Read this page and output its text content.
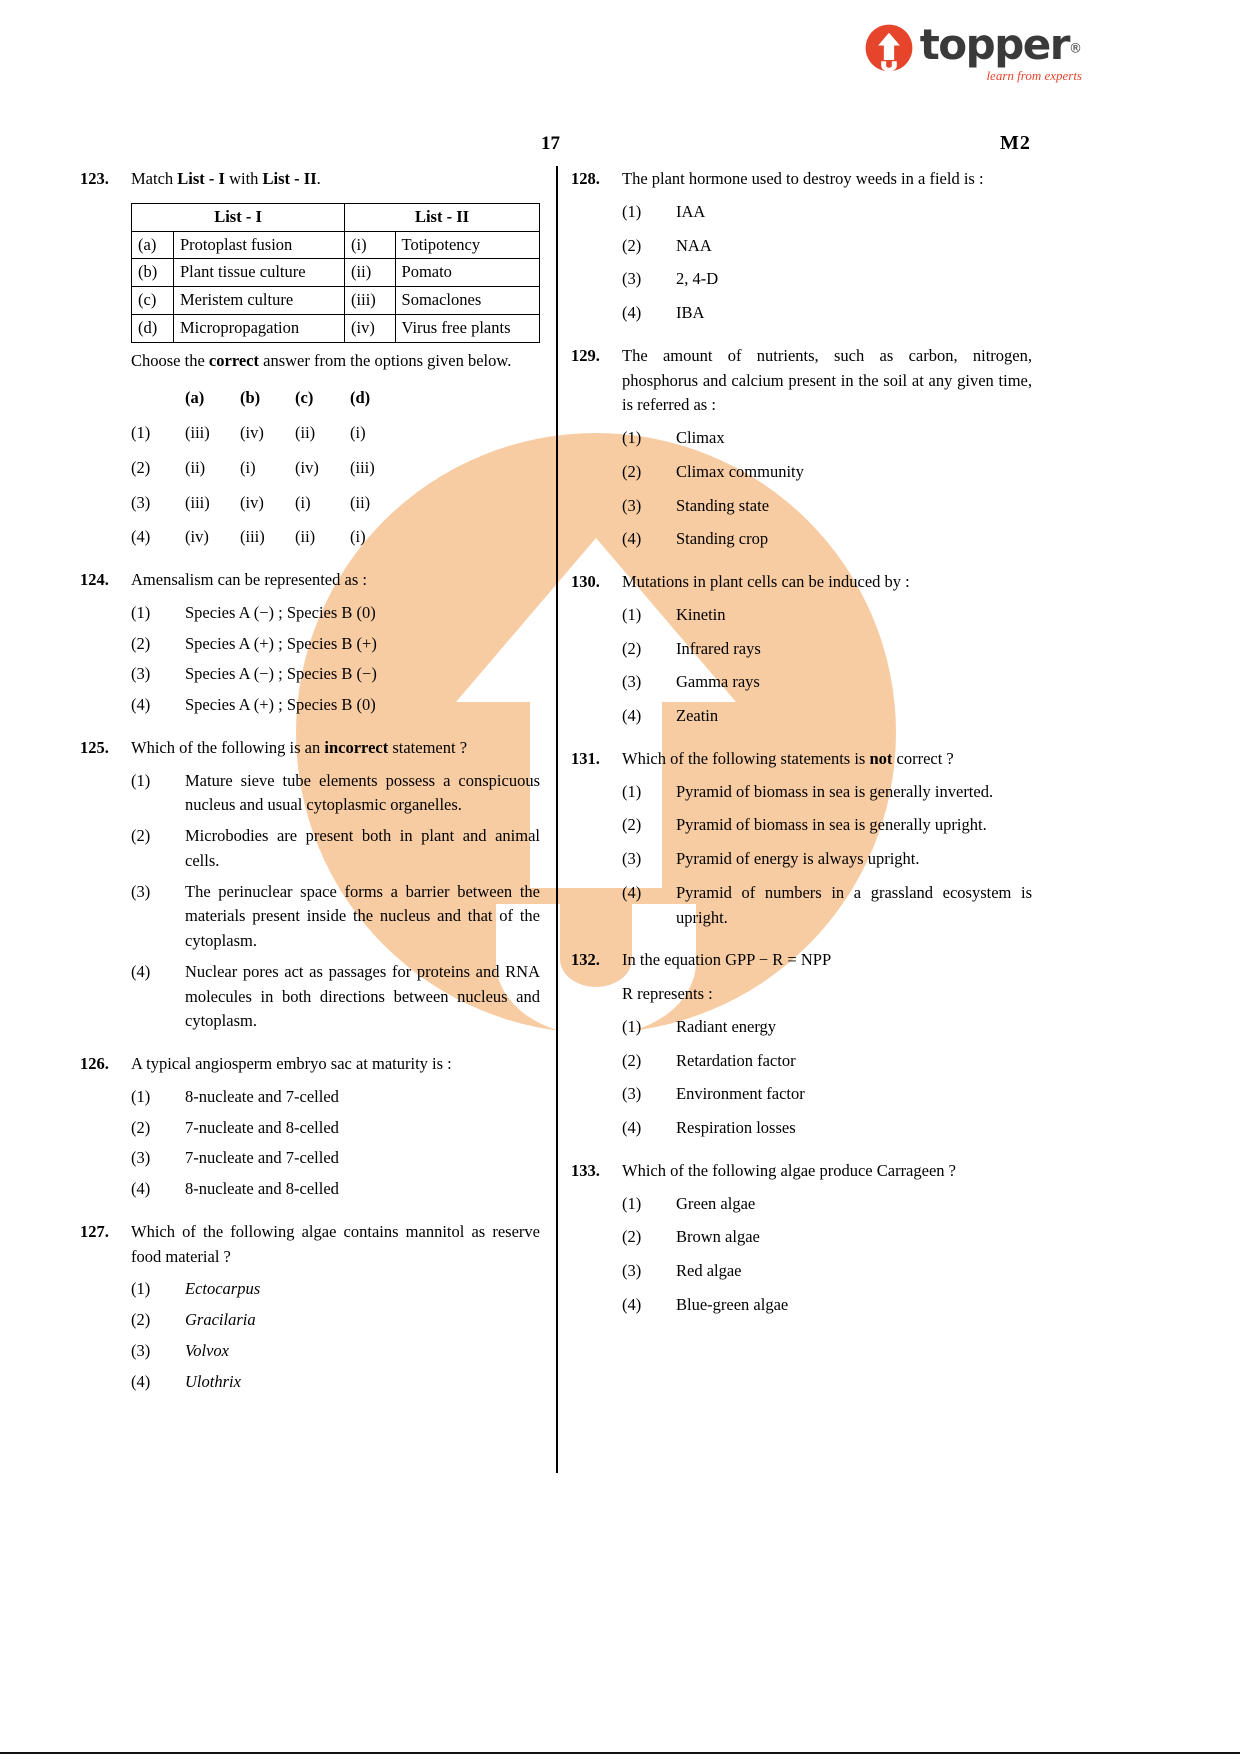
topper®
learn from experts
17	M2
123.	Match List - I with List - II.
List - I		List - II	
(a)	Protoplast fusion	(i)	Totipotency
(b)	Plant tissue culture	(ii)	Pomato
(c)	Meristem culture	(iii)	Somaclones
(d)	Micropropagation	(iv)	Virus free plants
Choose the correct answer from the options given below.
(a)	(b)	(c)	(d)
(1)	(iii)	(iv)	(ii)	(i)
(2)	(ii)	(i)	(iv)	(iii)
(3)	(iii)	(iv)	(i)	(ii)
(4)	(iv)	(iii)	(ii)	(i)
124.	Amensalism can be represented as :
(1)	Species A (−) ; Species B (0)
(2)	Species A (+) ; Species B (+)
(3)	Species A (−) ; Species B (−)
(4)	Species A (+) ; Species B (0)
125.	Which of the following is an incorrect statement ?
(1)	Mature sieve tube elements possess a conspicuous nucleus and usual cytoplasmic organelles.
(2)	Microbodies are present both in plant and animal cells.
(3)	The perinuclear space forms a barrier between the materials present inside the nucleus and that of the cytoplasm.
(4)	Nuclear pores act as passages for proteins and RNA molecules in both directions between nucleus and cytoplasm.
126.	A typical angiosperm embryo sac at maturity is :
(1)	8-nucleate and 7-celled
(2)	7-nucleate and 8-celled
(3)	7-nucleate and 7-celled
(4)	8-nucleate and 8-celled
127.	Which of the following algae contains mannitol as reserve food material ?
(1)	Ectocarpus
(2)	Gracilaria
(3)	Volvox
(4)	Ulothrix
128.	The plant hormone used to destroy weeds in a field is :
(1)	IAA
(2)	NAA
(3)	2, 4-D
(4)	IBA
129.	The amount of nutrients, such as carbon, nitrogen, phosphorus and calcium present in the soil at any given time, is referred as :
(1)	Climax
(2)	Climax community
(3)	Standing state
(4)	Standing crop
130.	Mutations in plant cells can be induced by :
(1)	Kinetin
(2)	Infrared rays
(3)	Gamma rays
(4)	Zeatin
131.	Which of the following statements is not correct ?
(1)	Pyramid of biomass in sea is generally inverted.
(2)	Pyramid of biomass in sea is generally upright.
(3)	Pyramid of energy is always upright.
(4)	Pyramid of numbers in a grassland ecosystem is upright.
132.	In the equation GPP − R = NPP
R represents :
(1)	Radiant energy
(2)	Retardation factor
(3)	Environment factor
(4)	Respiration losses
133.	Which of the following algae produce Carrageen ?
(1)	Green algae
(2)	Brown algae
(3)	Red algae
(4)	Blue-green algae
